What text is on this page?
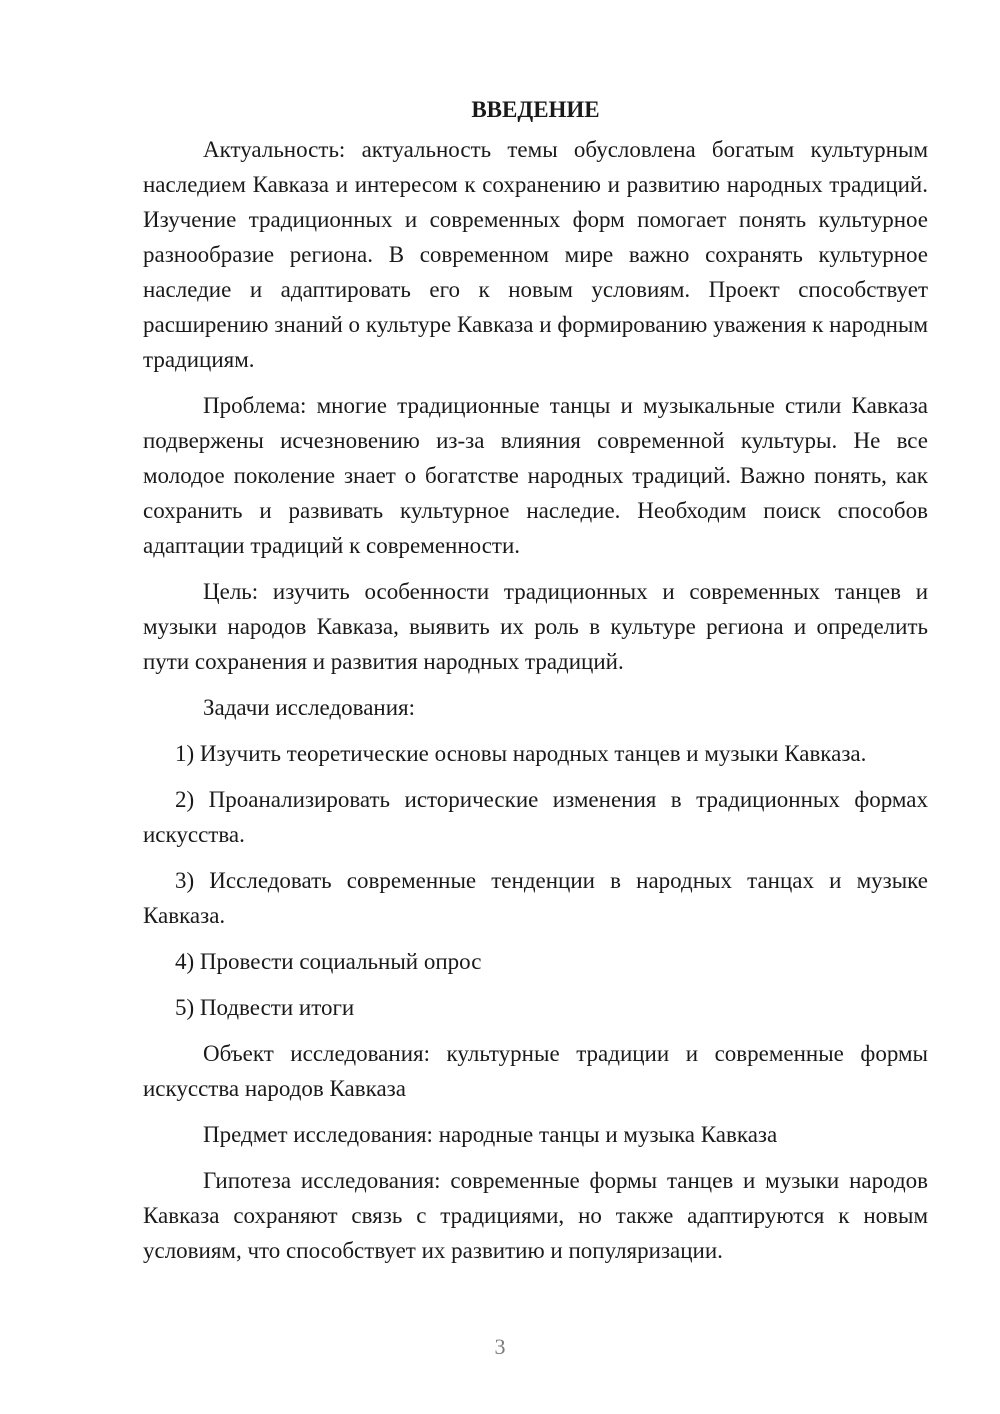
ВВЕДЕНИЕ

Актуальность: актуальность темы обусловлена богатым культурным наследием Кавказа и интересом к сохранению и развитию народных традиций. Изучение традиционных и современных форм помогает понять культурное разнообразие региона. В современном мире важно сохранять культурное наследие и адаптировать его к новым условиям. Проект способствует расширению знаний о культуре Кавказа и формированию уважения к народным традициям.

Проблема: многие традиционные танцы и музыкальные стили Кавказа подвержены исчезновению из-за влияния современной культуры. Не все молодое поколение знает о богатстве народных традиций. Важно понять, как сохранить и развивать культурное наследие. Необходим поиск способов адаптации традиций к современности.

Цель: изучить особенности традиционных и современных танцев и музыки народов Кавказа, выявить их роль в культуре региона и определить пути сохранения и развития народных традиций.

Задачи исследования:

1) Изучить теоретические основы народных танцев и музыки Кавказа.

2) Проанализировать исторические изменения в традиционных формах искусства.

3) Исследовать современные тенденции в народных танцах и музыке Кавказа.

4) Провести социальный опрос

5) Подвести итоги

Объект исследования: культурные традиции и современные формы искусства народов Кавказа

Предмет исследования: народные танцы и музыка Кавказа

Гипотеза исследования: современные формы танцев и музыки народов Кавказа сохраняют связь с традициями, но также адаптируются к новым условиям, что способствует их развитию и популяризации.

3
